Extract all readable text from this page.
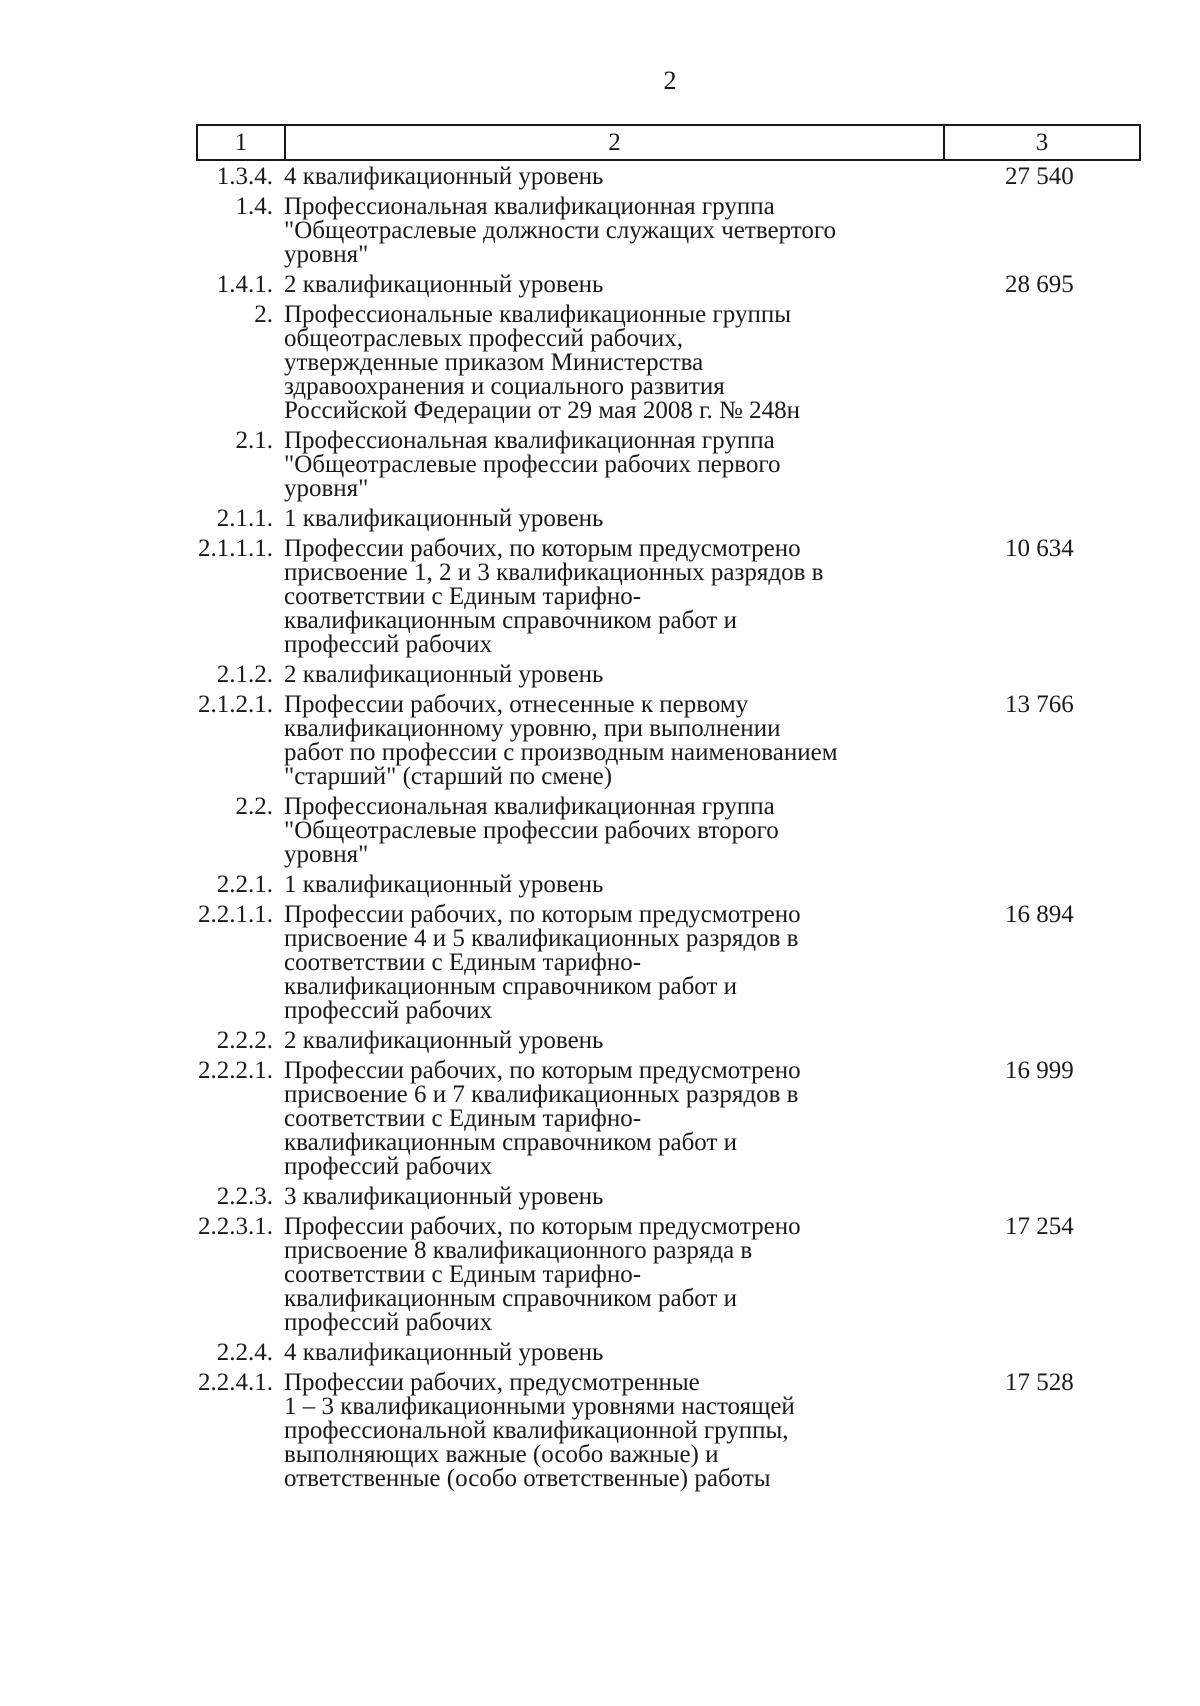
2
1	2	3
1.3.4. 4 квалификационный уровень	27 540
1.4. Профессиональная квалификационная группа
"Общеотраслевые должности служащих четвертого
уровня"
1.4.1. 2 квалификационный уровень	28 695
2. Профессиональные квалификационные группы
общеотраслевых профессий рабочих,
утвержденные приказом Министерства
здравоохранения и социального развития
Российской Федерации от 29 мая 2008 г. № 248н
2.1. Профессиональная квалификационная группа
"Общеотраслевые профессии рабочих первого
уровня"
2.1.1. 1 квалификационный уровень
2.1.1.1. Профессии рабочих, по которым предусмотрено
присвоение 1, 2 и 3 квалификационных разрядов в
соответствии с Единым тарифно-
квалификационным справочником работ и
профессий рабочих
10 634
2.1.2. 2 квалификационный уровень
2.1.2.1. Профессии рабочих, отнесенные к первому
квалификационному уровню, при выполнении
работ по профессии с производным наименованием
"старший" (старший по смене)
13 766
2.2. Профессиональная квалификационная группа
"Общеотраслевые профессии рабочих второго
уровня"
2.2.1. 1 квалификационный уровень
2.2.1.1. Профессии рабочих, по которым предусмотрено
присвоение 4 и 5 квалификационных разрядов в
соответствии с Единым тарифно-
квалификационным справочником работ и
профессий рабочих
16 894
2.2.2. 2 квалификационный уровень
2.2.2.1. Профессии рабочих, по которым предусмотрено
присвоение 6 и 7 квалификационных разрядов в
соответствии с Единым тарифно-
квалификационным справочником работ и
профессий рабочих
16 999
2.2.3. 3 квалификационный уровень
2.2.3.1. Профессии рабочих, по которым предусмотрено
присвоение 8 квалификационного разряда в
соответствии с Единым тарифно-
квалификационным справочником работ и
профессий рабочих
17 254
2.2.4. 4 квалификационный уровень
2.2.4.1. Профессии рабочих, предусмотренные
1 – 3 квалификационными уровнями настоящей
профессиональной квалификационной группы,
выполняющих важные (особо важные) и
ответственные (особо ответственные) работы
17 528
